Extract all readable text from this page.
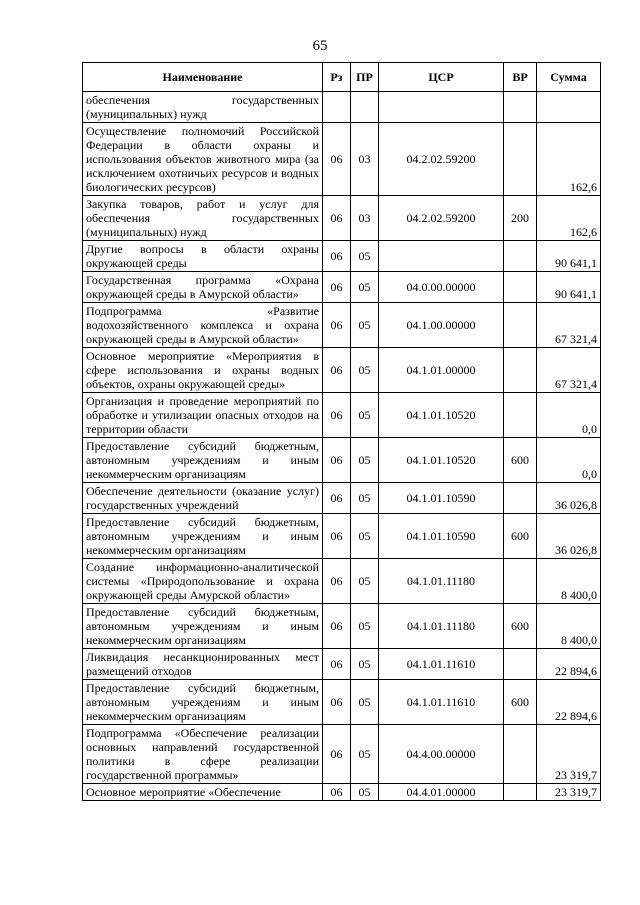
65
Наименование	Рз	ПР	ЦСР	ВР	Сумма
обеспечения государственных (муниципальных) нужд					
Осуществление полномочий Российской Федерации в области охраны и использования объектов животного мира (за исключением охотничьих ресурсов и водных биологических ресурсов)	06	03	04.2.02.59200		162,6
Закупка товаров, работ и услуг для обеспечения государственных (муниципальных) нужд	06	03	04.2.02.59200	200	162,6
Другие вопросы в области охраны окружающей среды	06	05			90 641,1
Государственная программа «Охрана окружающей среды в Амурской области»	06	05	04.0.00.00000		90 641,1
Подпрограмма «Развитие водохозяйственного комплекса и охрана окружающей среды в Амурской области»	06	05	04.1.00.00000		67 321,4
Основное мероприятие «Мероприятия в сфере использования и охраны водных объектов, охраны окружающей среды»	06	05	04.1.01.00000		67 321,4
Организация и проведение мероприятий по обработке и утилизации опасных отходов на территории области	06	05	04.1.01.10520		0,0
Предоставление субсидий бюджетным, автономным учреждениям и иным некоммерческим организациям	06	05	04.1.01.10520	600	0,0
Обеспечение деятельности (оказание услуг) государственных учреждений	06	05	04.1.01.10590		36 026,8
Предоставление субсидий бюджетным, автономным учреждениям и иным некоммерческим организациям	06	05	04.1.01.10590	600	36 026,8
Создание информационно-аналитической системы «Природопользование и охрана окружающей среды Амурской области»	06	05	04.1.01.11180		8 400,0
Предоставление субсидий бюджетным, автономным учреждениям и иным некоммерческим организациям	06	05	04.1.01.11180	600	8 400,0
Ликвидация несанкционированных мест размещений отходов	06	05	04.1.01.11610		22 894,6
Предоставление субсидий бюджетным, автономным учреждениям и иным некоммерческим организациям	06	05	04.1.01.11610	600	22 894,6
Подпрограмма «Обеспечение реализации основных направлений государственной политики в сфере реализации государственной программы»	06	05	04.4.00.00000		23 319,7
Основное мероприятие «Обеспечение	06	05	04.4.01.00000		23 319,7
